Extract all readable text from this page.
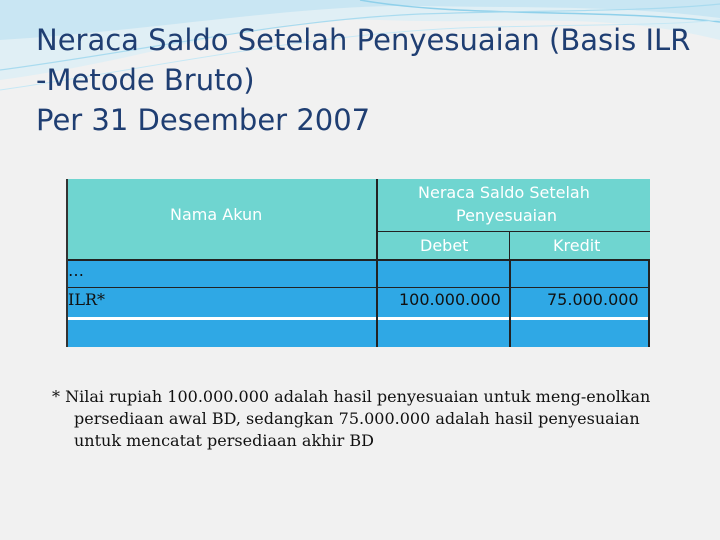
Neraca Saldo Setelah Penyesuaian (Basis ILR
-Metode Bruto)
Per 31 Desember 2007
Nama Akun
Neraca Saldo Setelah
Penyesuaian
Debet	Kredit
…
ILR*	100.000.000	75.000.000
* Nilai rupiah 100.000.000 adalah hasil penyesuaian untuk meng-enolkan
persediaan awal BD, sedangkan 75.000.000 adalah hasil penyesuaian
untuk mencatat persediaan akhir BD
